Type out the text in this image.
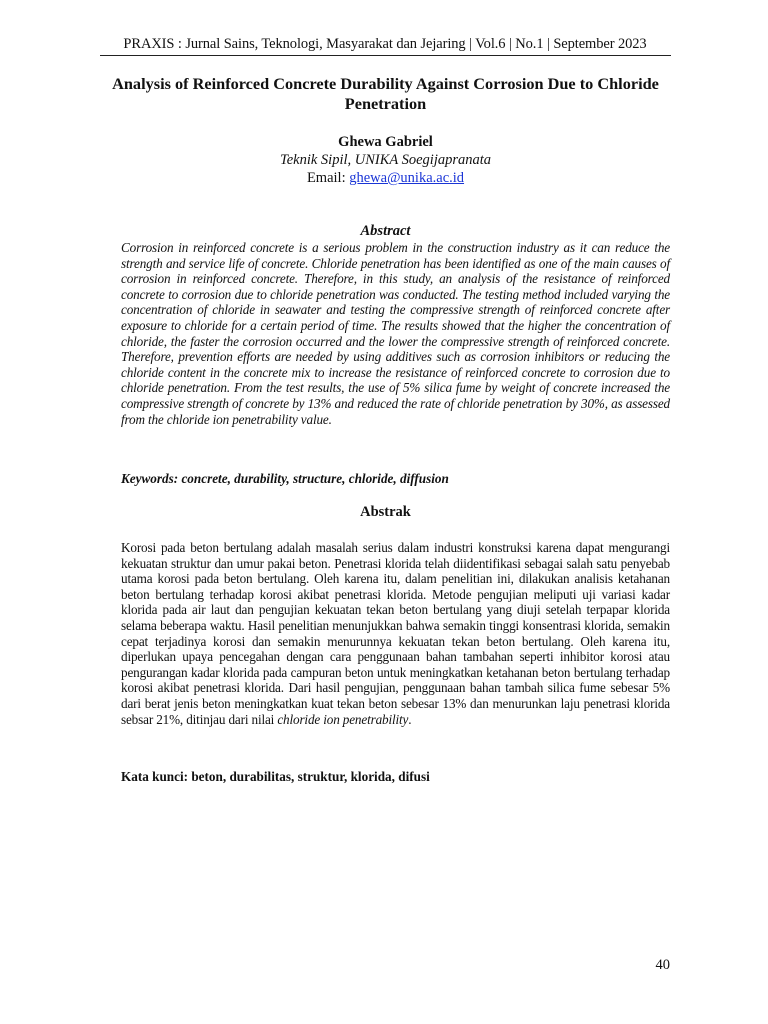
PRAXIS : Jurnal Sains, Teknologi, Masyarakat dan Jejaring | Vol.6 | No.1 | September 2023
Analysis of Reinforced Concrete Durability Against Corrosion Due to Chloride Penetration
Ghewa Gabriel
Teknik Sipil, UNIKA Soegijapranata
Email: ghewa@unika.ac.id
Abstract
Corrosion in reinforced concrete is a serious problem in the construction industry as it can reduce the strength and service life of concrete. Chloride penetration has been identified as one of the main causes of corrosion in reinforced concrete. Therefore, in this study, an analysis of the resistance of reinforced concrete to corrosion due to chloride penetration was conducted. The testing method included varying the concentration of chloride in seawater and testing the compressive strength of reinforced concrete after exposure to chloride for a certain period of time. The results showed that the higher the concentration of chloride, the faster the corrosion occurred and the lower the compressive strength of reinforced concrete. Therefore, prevention efforts are needed by using additives such as corrosion inhibitors or reducing the chloride content in the concrete mix to increase the resistance of reinforced concrete to corrosion due to chloride penetration. From the test results, the use of 5% silica fume by weight of concrete increased the compressive strength of concrete by 13% and reduced the rate of chloride penetration by 30%, as assessed from the chloride ion penetrability value.
Keywords: concrete, durability, structure, chloride, diffusion
Abstrak
Korosi pada beton bertulang adalah masalah serius dalam industri konstruksi karena dapat mengurangi kekuatan struktur dan umur pakai beton. Penetrasi klorida telah diidentifikasi sebagai salah satu penyebab utama korosi pada beton bertulang. Oleh karena itu, dalam penelitian ini, dilakukan analisis ketahanan beton bertulang terhadap korosi akibat penetrasi klorida. Metode pengujian meliputi uji variasi kadar klorida pada air laut dan pengujian kekuatan tekan beton bertulang yang diuji setelah terpapar klorida selama beberapa waktu. Hasil penelitian menunjukkan bahwa semakin tinggi konsentrasi klorida, semakin cepat terjadinya korosi dan semakin menurunnya kekuatan tekan beton bertulang. Oleh karena itu, diperlukan upaya pencegahan dengan cara penggunaan bahan tambahan seperti inhibitor korosi atau pengurangan kadar klorida pada campuran beton untuk meningkatkan ketahanan beton bertulang terhadap korosi akibat penetrasi klorida. Dari hasil pengujian, penggunaan bahan tambah silica fume sebesar 5% dari berat jenis beton meningkatkan kuat tekan beton sebesar 13% dan menurunkan laju penetrasi klorida sebsar 21%, ditinjau dari nilai chloride ion penetrability.
Kata kunci: beton, durabilitas, struktur, klorida, difusi
40
